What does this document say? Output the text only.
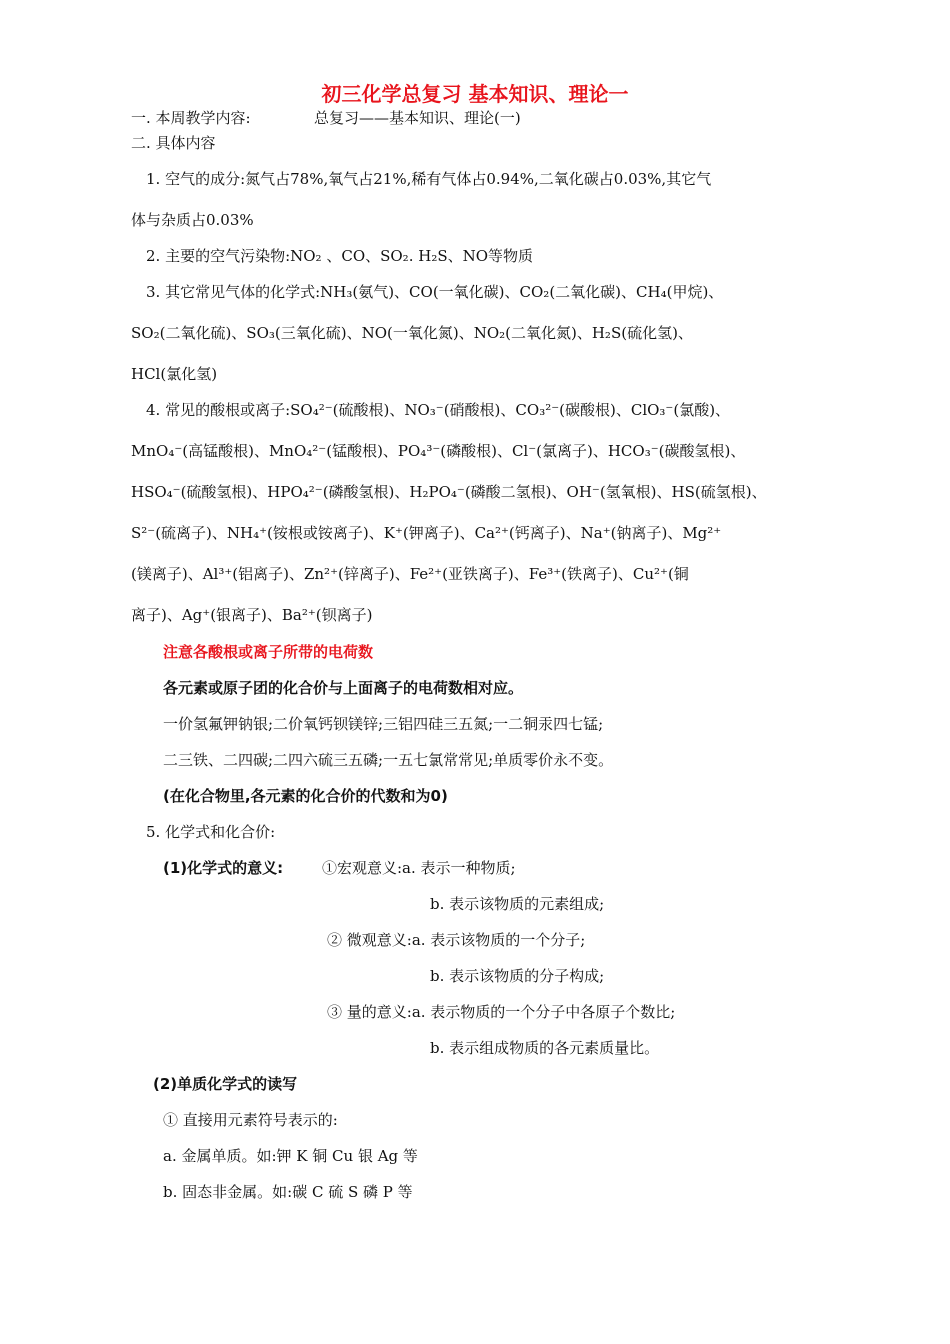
初三化学总复习 基本知识、理论一
一. 本周教学内容:	总复习——基本知识、理论(一)
二. 具体内容
1. 空气的成分:氮气占78%,氧气占21%,稀有气体占0.94%,二氧化碳占0.03%,其它气
体与杂质占0.03%
2. 主要的空气污染物:NO₂ 、CO、SO₂. H₂S、NO等物质
3. 其它常见气体的化学式:NH₃(氨气)、CO(一氧化碳)、CO₂(二氧化碳)、CH₄(甲烷)、
SO₂(二氧化硫)、SO₃(三氧化硫)、NO(一氧化氮)、NO₂(二氧化氮)、H₂S(硫化氢)、
HCl(氯化氢)
4. 常见的酸根或离子:SO₄²⁻(硫酸根)、NO₃⁻(硝酸根)、CO₃²⁻(碳酸根)、ClO₃⁻(氯酸)、
MnO₄⁻(高锰酸根)、MnO₄²⁻(锰酸根)、PO₄³⁻(磷酸根)、Cl⁻(氯离子)、HCO₃⁻(碳酸氢根)、
HSO₄⁻(硫酸氢根)、HPO₄²⁻(磷酸氢根)、H₂PO₄⁻(磷酸二氢根)、OH⁻(氢氧根)、HS(硫氢根)、
S²⁻(硫离子)、NH₄⁺(铵根或铵离子)、K⁺(钾离子)、Ca²⁺(钙离子)、Na⁺(钠离子)、Mg²⁺
(镁离子)、Al³⁺(铝离子)、Zn²⁺(锌离子)、Fe²⁺(亚铁离子)、Fe³⁺(铁离子)、Cu²⁺(铜
离子)、Ag⁺(银离子)、Ba²⁺(钡离子)
注意各酸根或离子所带的电荷数
各元素或原子团的化合价与上面离子的电荷数相对应。
一价氢氟钾钠银;二价氧钙钡镁锌;三铝四硅三五氮;一二铜汞四七锰;
二三铁、二四碳;二四六硫三五磷;一五七氯常常见;单质零价永不变。
(在化合物里,各元素的化合价的代数和为0)
5. 化学式和化合价:
(1)化学式的意义:	①宏观意义:a. 表示一种物质;
b. 表示该物质的元素组成;
② 微观意义:a. 表示该物质的一个分子;
b. 表示该物质的分子构成;
③ 量的意义:a. 表示物质的一个分子中各原子个数比;
b. 表示组成物质的各元素质量比。
(2)单质化学式的读写
① 直接用元素符号表示的:
a. 金属单质。如:钾 K 铜 Cu 银 Ag 等
b. 固态非金属。如:碳 C 硫 S 磷 P 等
